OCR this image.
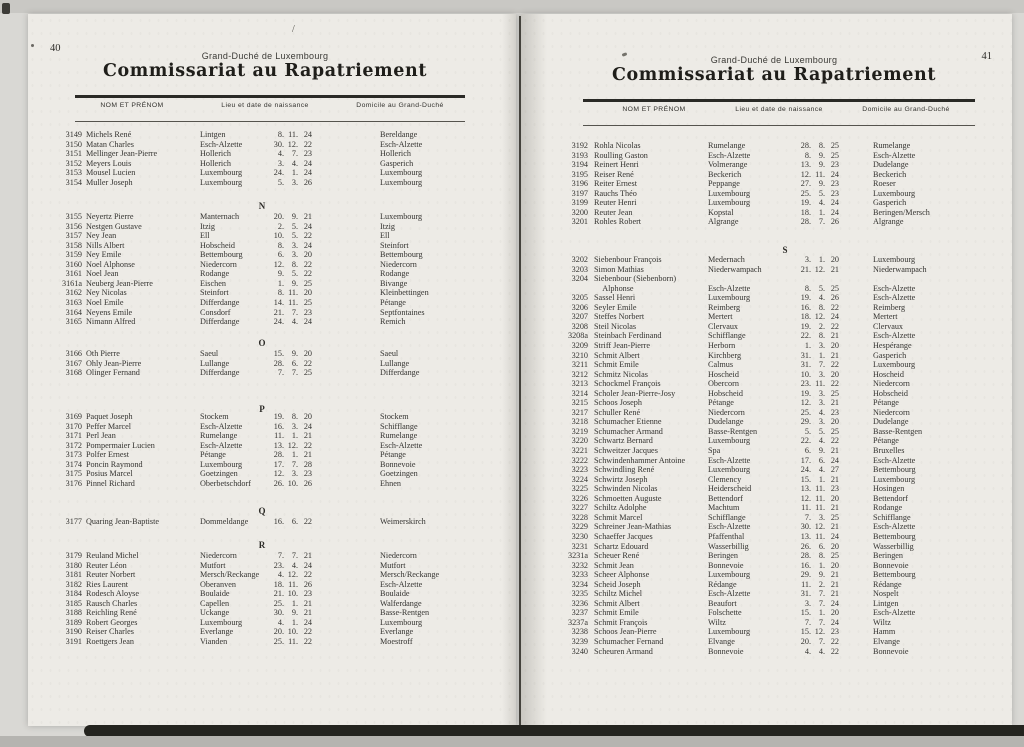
40
Grand-Duché de Luxembourg
Commissariat au Rapatriement
NOM ET PRÉNOM	Lieu et date de naissance	Domicile au Grand-Duché
3149 Michels René	Lintgen	8. 11. 24	Bereldange
3150 Matan Charles	Esch-Alzette	30. 12. 22	Esch-Alzette
3151 Mellinger Jean-Pierre	Hollerich	4. 7. 23	Hollerich
3152 Meyers Louis	Hollerich	3. 4. 24	Gasperich
3153 Mousel Lucien	Luxembourg	24. 1. 24	Luxembourg
3154 Muller Joseph	Luxembourg	5. 3. 26	Luxembourg
N
3155 Neyertz Pierre	Manternach	20. 9. 21	Luxembourg
3156 Nestgen Gustave	Itzig	2. 5. 24	Itzig
3157 Ney Jean	Ell	10. 5. 22	Ell
3158 Nills Albert	Hobscheid	8. 3. 24	Steinfort
3159 Ney Emile	Bettembourg	6. 3. 20	Bettembourg
3160 Noel Alphonse	Niedercorn	12. 8. 22	Niedercorn
3161 Noel Jean	Rodange	9. 5. 22	Rodange
3161a Neuberg Jean-Pierre	Eischen	1. 9. 25	Bivange
3162 Ney Nicolas	Steinfort	8. 11. 20	Kleinbettingen
3163 Noel Emile	Differdange	14. 11. 25	Pétange
3164 Neyens Emile	Consdorf	21. 7. 23	Septfontaines
3165 Nimann Alfred	Differdange	24. 4. 24	Remich
O
3166 Oth Pierre	Saeul	15. 9. 20	Saeul
3167 Ohly Jean-Pierre	Lullange	28. 6. 22	Lullange
3168 Olinger Fernand	Differdange	7. 7. 25	Differdange
P
3169 Paquet Joseph	Stockem	19. 8. 20	Stockem
3170 Peffer Marcel	Esch-Alzette	16. 3. 24	Schifflange
3171 Perl Jean	Rumelange	11. 1. 21	Rumelange
3172 Pompermaier Lucien	Esch-Alzette	13. 12. 22	Esch-Alzette
3173 Polfer Ernest	Pétange	28. 1. 21	Pétange
3174 Poncin Raymond	Luxembourg	17. 7. 28	Bonnevoie
3175 Posius Marcel	Goetzingen	12. 3. 23	Goetzingen
3176 Pinnel Richard	Oberbetschdorf	26. 10. 26	Ehnen
Q
3177 Quaring Jean-Baptiste	Dommeldange	16. 6. 22	Weimerskirch
R
3179 Reuland Michel	Niedercorn	7. 7. 21	Niedercorn
3180 Reuter Léon	Mutfort	23. 4. 24	Mutfort
3181 Reuter Norbert	Mersch/Reckange	4. 12. 22	Mersch/Reckange
3182 Ries Laurent	Oberanven	18. 11. 26	Esch-Alzette
3184 Rodesch Aloyse	Boulaide	21. 10. 23	Boulaide
3185 Rausch Charles	Capellen	25. 1. 21	Walferdange
3188 Reichling René	Uckange	30. 9. 21	Basse-Rentgen
3189 Robert Georges	Luxembourg	4. 1. 24	Luxembourg
3190 Reiser Charles	Everlange	20. 10. 22	Everlange
3191 Roettgers Jean	Vianden	25. 11. 22	Moestroff
41
Grand-Duché de Luxembourg
Commissariat au Rapatriement
NOM ET PRÉNOM	Lieu et date de naissance	Domicile au Grand-Duché
3192 Rohla Nicolas	Rumelange	28. 8. 25	Rumelange
3193 Roulling Gaston	Esch-Alzette	8. 9. 25	Esch-Alzette
3194 Reinert Henri	Volmerange	13. 9. 23	Dudelange
3195 Reiser René	Beckerich	12. 11. 24	Beckerich
3196 Reiter Ernest	Peppange	27. 9. 23	Roeser
3197 Rauchs Théo	Luxembourg	25. 5. 23	Luxembourg
3199 Reuter Henri	Luxembourg	19. 4. 24	Gasperich
3200 Reuter Jean	Kopstal	18. 1. 24	Beringen/Mersch
3201 Rohles Robert	Algrange	28. 7. 26	Algrange
S
3202 Siebenbour François	Medernach	3. 1. 20	Luxembourg
3203 Simon Mathias	Niederwampach	21. 12. 21	Niederwampach
3204 Siebenbour (Siebenborn)
  Alphonse	Esch-Alzette	8. 5. 25	Esch-Alzette
3205 Sassel Henri	Luxembourg	19. 4. 26	Esch-Alzette
3206 Seyler Emile	Reimberg	16. 8. 22	Reimberg
3207 Steffes Norbert	Mertert	18. 12. 24	Mertert
3208 Steil Nicolas	Clervaux	19. 2. 22	Clervaux
3208a Steinbach Ferdinand	Schifflange	22. 8. 21	Esch-Alzette
3209 Striff Jean-Pierre	Herborn	1. 3. 20	Hespérange
3210 Schmit Albert	Kirchberg	31. 1. 21	Gasperich
3211 Schmit Emile	Calmus	31. 7. 22	Luxembourg
3212 Schmitz Nicolas	Hoscheid	10. 3. 20	Hoscheid
3213 Schockmel François	Obercorn	23. 11. 22	Niedercorn
3214 Scholer Jean-Pierre-Josy	Hobscheid	19. 3. 25	Hobscheid
3215 Schoos Joseph	Pétange	12. 3. 21	Pétange
3217 Schuller René	Niedercorn	25. 4. 23	Niedercorn
3218 Schumacher Etienne	Dudelange	29. 3. 20	Dudelange
3219 Schumacher Armand	Basse-Rentgen	5. 5. 25	Basse-Rentgen
3220 Schwartz Bernard	Luxembourg	22. 4. 22	Pétange
3221 Schweitzer Jacques	Spa	6. 9. 21	Bruxelles
3222 Schwindenhammer Antoine	Esch-Alzette	17. 6. 24	Esch-Alzette
3223 Schwindling René	Luxembourg	24. 4. 27	Bettembourg
3224 Schwirtz Joseph	Clemency	15. 1. 21	Luxembourg
3225 Schwinden Nicolas	Heiderscheid	13. 11. 23	Hosingen
3226 Schmoetten Auguste	Bettendorf	12. 11. 20	Bettendorf
3227 Schiltz Adolphe	Machtum	11. 11. 21	Rodange
3228 Schmit Marcel	Schifflange	7. 3. 25	Schifflange
3229 Schreiner Jean-Mathias	Esch-Alzette	30. 12. 21	Esch-Alzette
3230 Schaeffer Jacques	Pfaffenthal	13. 11. 24	Bettembourg
3231 Schartz Edouard	Wasserbillig	26. 6. 20	Wasserbillig
3231a Scheuer René	Beringen	28. 8. 25	Beringen
3232 Schmit Jean	Bonnevoie	16. 1. 20	Bonnevoie
3233 Scheer Alphonse	Luxembourg	29. 9. 21	Bettembourg
3234 Scheid Joseph	Rédange	11. 2. 21	Rédange
3235 Schiltz Michel	Esch-Alzette	31. 7. 21	Nospelt
3236 Schmit Albert	Beaufort	3. 7. 24	Lintgen
3237 Schmit Emile	Folschette	15. 1. 20	Esch-Alzette
3237a Schmit François	Wiltz	7. 7. 24	Wiltz
3238 Schoos Jean-Pierre	Luxembourg	15. 12. 23	Hamm
3239 Schumacher Fernand	Elvange	20. 7. 22	Elvange
3240 Scheuren Armand	Bonnevoie	4. 4. 22	Bonnevoie
/
